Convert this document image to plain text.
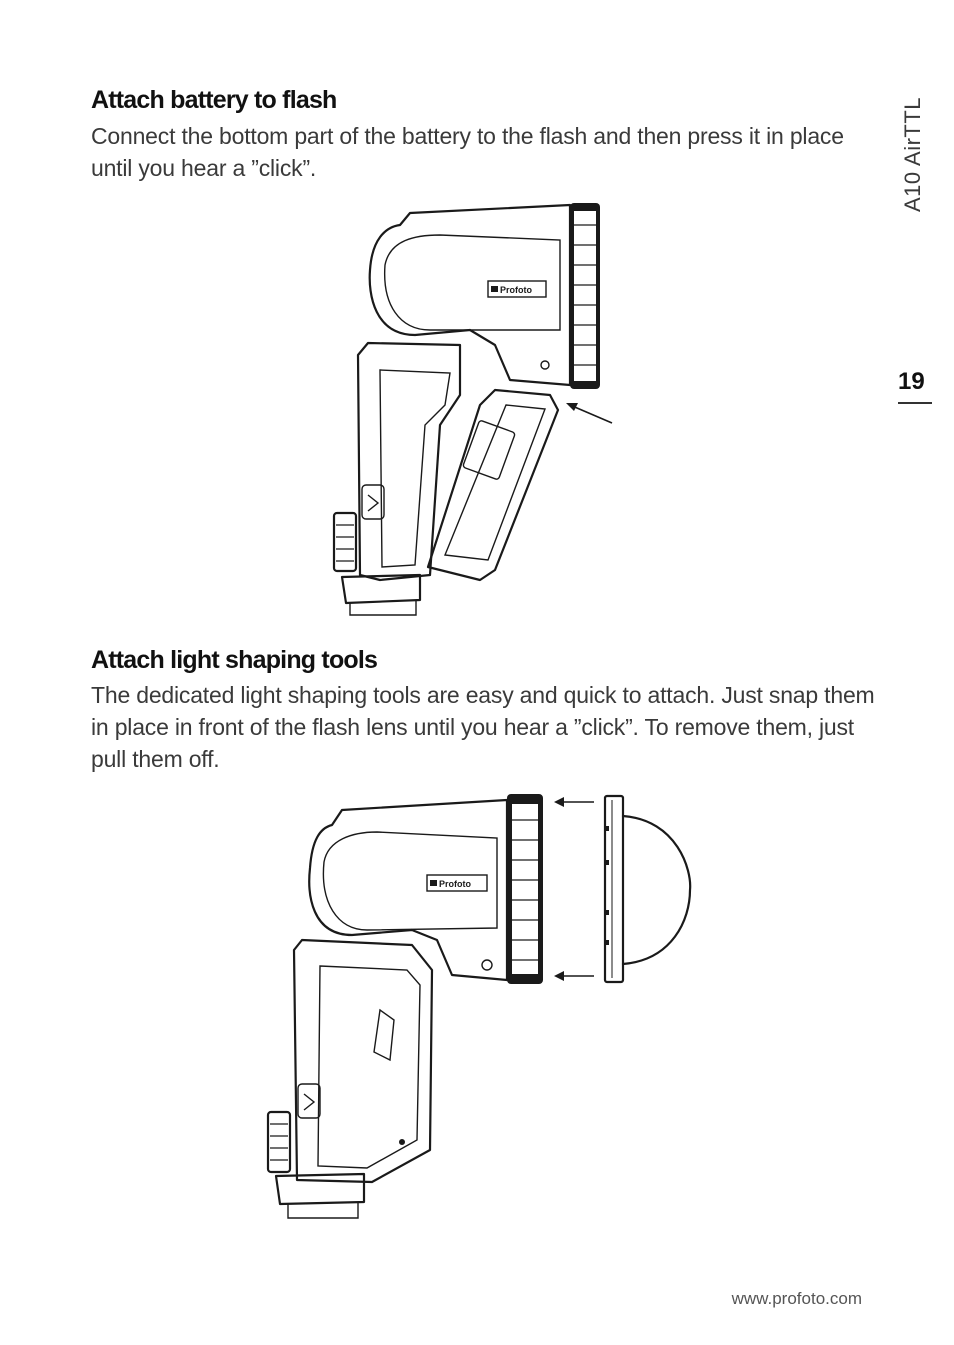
Attach battery to flash

Connect the bottom part of the battery to the flash and then press it in place until you hear a ”click”.

Profoto
Attach light shaping tools

The dedicated light shaping tools are easy and quick to attach. Just snap them in place in front of the flash lens until you hear a ”click”. To remove them, just pull them off.

Profoto
A10 AirTTL
19
www.profoto.com
